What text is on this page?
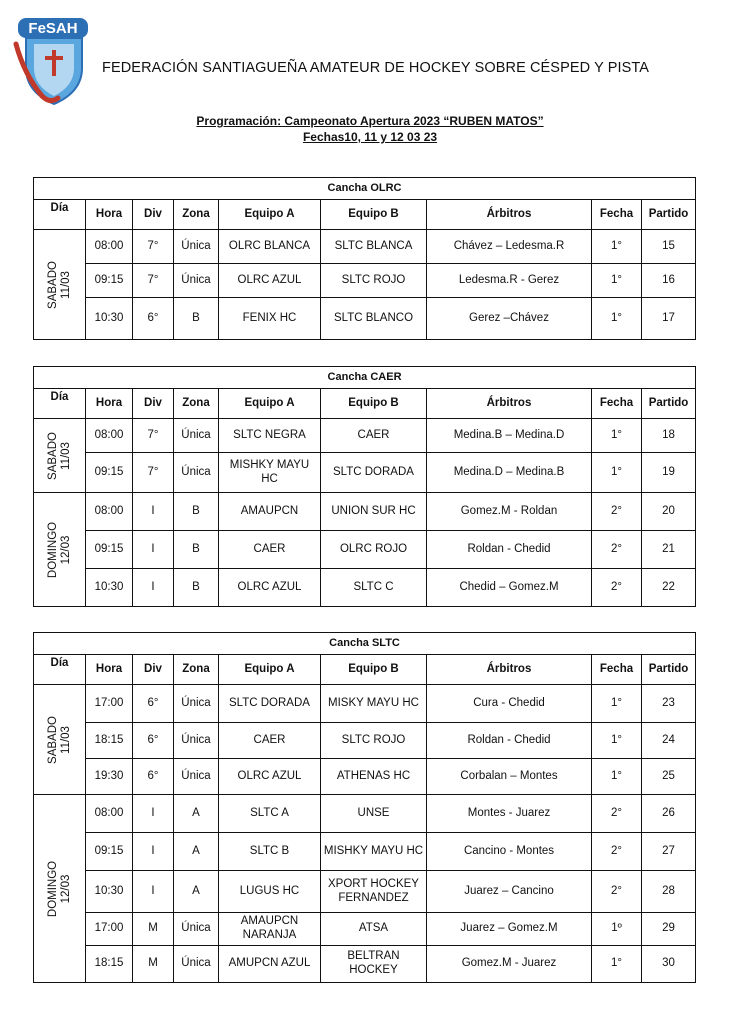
FeSAH
FEDERACIÓN SANTIAGUEÑA AMATEUR DE HOCKEY SOBRE CÉSPED Y PISTA
Programación: Campeonato Apertura 2023 “RUBEN MATOS”
Fechas10, 11 y 12 03 23
Cancha OLRC								
Día	Hora	Div	Zona	Equipo A	Equipo B	Árbitros	Fecha	Partido

SABADO 11/03	08:00	7°	Única	OLRC BLANCA	SLTC BLANCA	Chávez – Ledesma.R	1°	15
	09:15	7°	Única	OLRC AZUL	SLTC ROJO	Ledesma.R - Gerez	1°	16
	10:30	6°	B	FENIX HC	SLTC BLANCO	Gerez –Chávez	1°	17
Cancha CAER								
Día	Hora	Div	Zona	Equipo A	Equipo B	Árbitros	Fecha	Partido

SABADO 11/03	08:00	7°	Única	SLTC NEGRA	CAER	Medina.B – Medina.D	1°	18
	09:15	7°	Única	MISHKY MAYU HC	SLTC DORADA	Medina.D – Medina.B	1°	19

DOMINGO 12/03	08:00	I	B	AMAUPCN	UNION SUR HC	Gomez.M - Roldan	2°	20
	09:15	I	B	CAER	OLRC ROJO	Roldan - Chedid	2°	21
	10:30	I	B	OLRC AZUL	SLTC C	Chedid – Gomez.M	2°	22
Cancha SLTC								
Día	Hora	Div	Zona	Equipo A	Equipo B	Árbitros	Fecha	Partido

SABADO 11/03	17:00	6°	Única	SLTC DORADA	MISKY MAYU HC	Cura - Chedid	1°	23
	18:15	6°	Única	CAER	SLTC ROJO	Roldan - Chedid	1°	24
	19:30	6°	Única	OLRC AZUL	ATHENAS HC	Corbalan – Montes	1°	25

DOMINGO 12/03	08:00	I	A	SLTC A	UNSE	Montes - Juarez	2°	26
	09:15	I	A	SLTC B	MISHKY MAYU HC	Cancino - Montes	2°	27
	10:30	I	A	LUGUS HC	XPORT HOCKEY FERNANDEZ	Juarez – Cancino	2°	28
	17:00	M	Única	AMAUPCN NARANJA	ATSA	Juarez – Gomez.M	1º	29
	18:15	M	Única	AMUPCN AZUL	BELTRAN HOCKEY	Gomez.M - Juarez	1°	30
